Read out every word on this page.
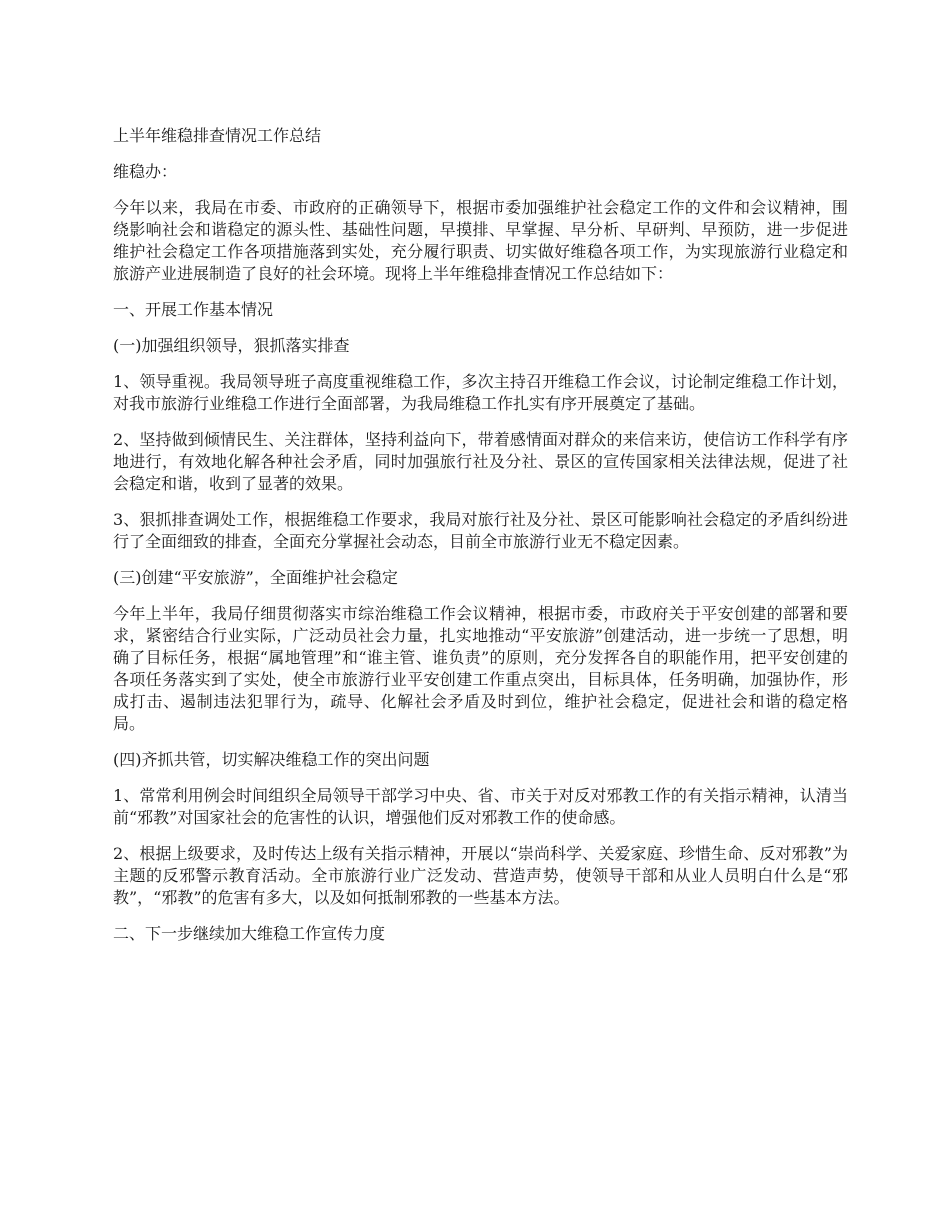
上半年维稳排查情况工作总结

维稳办：

今年以来，我局在市委、市政府的正确领导下，根据市委加强维护社会稳定工作的文件和会议精神，围绕影响社会和谐稳定的源头性、基础性问题，早摸排、早掌握、早分析、早研判、早预防，进一步促进维护社会稳定工作各项措施落到实处，充分履行职责、切实做好维稳各项工作，为实现旅游行业稳定和旅游产业进展制造了良好的社会环境。现将上半年维稳排查情况工作总结如下：

一、开展工作基本情况

(一)加强组织领导，狠抓落实排查

1、领导重视。我局领导班子高度重视维稳工作，多次主持召开维稳工作会议，讨论制定维稳工作计划，对我市旅游行业维稳工作进行全面部署，为我局维稳工作扎实有序开展奠定了基础。

2、坚持做到倾情民生、关注群体，坚持利益向下，带着感情面对群众的来信来访，使信访工作科学有序地进行，有效地化解各种社会矛盾，同时加强旅行社及分社、景区的宣传国家相关法律法规，促进了社会稳定和谐，收到了显著的效果。

3、狠抓排查调处工作，根据维稳工作要求，我局对旅行社及分社、景区可能影响社会稳定的矛盾纠纷进行了全面细致的排查，全面充分掌握社会动态，目前全市旅游行业无不稳定因素。

(三)创建“平安旅游”，全面维护社会稳定

今年上半年，我局仔细贯彻落实市综治维稳工作会议精神，根据市委，市政府关于平安创建的部署和要求，紧密结合行业实际，广泛动员社会力量，扎实地推动“平安旅游”创建活动，进一步统一了思想，明确了目标任务，根据“属地管理”和“谁主管、谁负责”的原则，充分发挥各自的职能作用，把平安创建的各项任务落实到了实处，使全市旅游行业平安创建工作重点突出，目标具体，任务明确，加强协作，形成打击、遏制违法犯罪行为，疏导、化解社会矛盾及时到位，维护社会稳定，促进社会和谐的稳定格局。

(四)齐抓共管，切实解决维稳工作的突出问题

1、常常利用例会时间组织全局领导干部学习中央、省、市关于对反对邪教工作的有关指示精神，认清当前“邪教”对国家社会的危害性的认识，增强他们反对邪教工作的使命感。

2、根据上级要求，及时传达上级有关指示精神，开展以“崇尚科学、关爱家庭、珍惜生命、反对邪教”为主题的反邪警示教育活动。全市旅游行业广泛发动、营造声势，使领导干部和从业人员明白什么是“邪教”，“邪教”的危害有多大，以及如何抵制邪教的一些基本方法。

二、下一步继续加大维稳工作宣传力度
